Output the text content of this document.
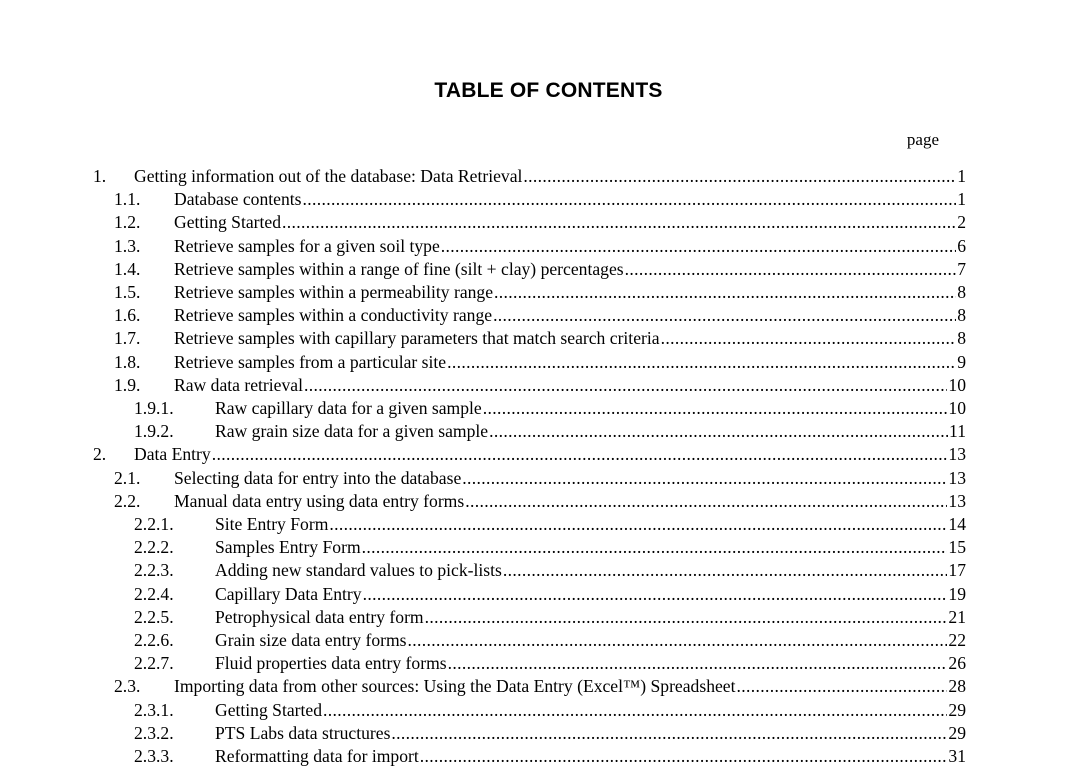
TABLE OF CONTENTS
page
1.	Getting information out of the database: Data Retrieval .....	1
1.1.	Database contents .....	1
1.2.	Getting Started .....	2
1.3.	Retrieve samples for a given soil type .....	6
1.4.	Retrieve samples within a range of fine (silt + clay) percentages .....	7
1.5.	Retrieve samples within a permeability range .....	8
1.6.	Retrieve samples within a conductivity range .....	8
1.7.	Retrieve samples with capillary parameters that match search criteria .....	8
1.8.	Retrieve samples from a particular site .....	9
1.9.	Raw data retrieval .....	10
1.9.1.	Raw capillary data for a given sample .....	10
1.9.2.	Raw grain size data for a given sample .....	11
2.	Data Entry .....	13
2.1.	Selecting data for entry into the database .....	13
2.2.	Manual data entry using data entry forms .....	13
2.2.1.	Site Entry Form .....	14
2.2.2.	Samples Entry Form .....	15
2.2.3.	Adding new standard values to pick-lists .....	17
2.2.4.	Capillary Data Entry .....	19
2.2.5.	Petrophysical data entry form .....	21
2.2.6.	Grain size data entry forms .....	22
2.2.7.	Fluid properties data entry forms .....	26
2.3.	Importing data from other sources: Using the Data Entry (Excel™) Spreadsheet .....	28
2.3.1.	Getting Started .....	29
2.3.2.	PTS Labs data structures .....	29
2.3.3.	Reformatting data for import .....	31
